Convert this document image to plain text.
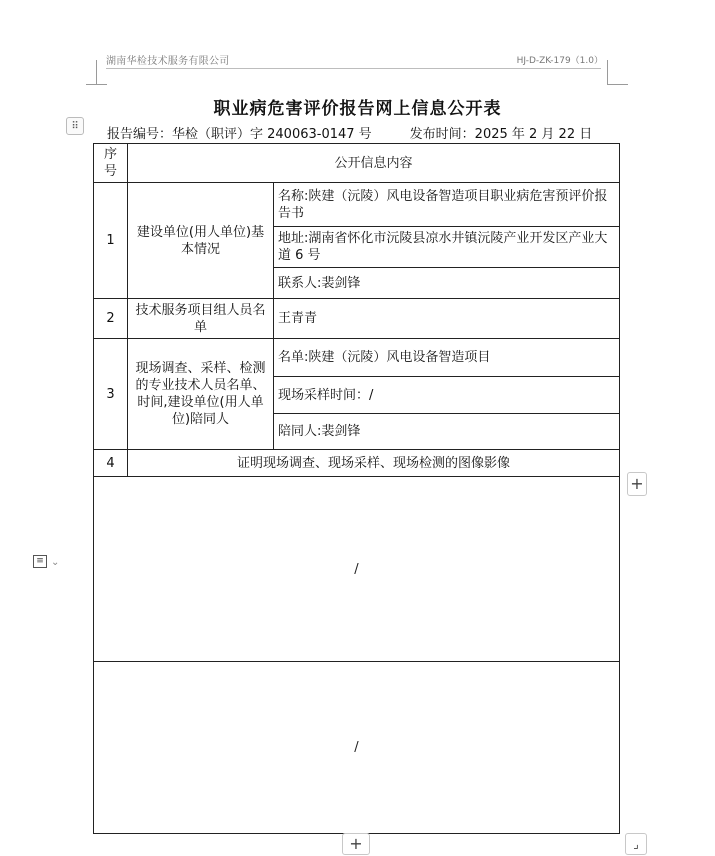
湖南华检技术服务有限公司	HJ-D-ZK-179（1.0）
职业病危害评价报告网上信息公开表
⠿
报告编号：华检（职评）字 240063-0147 号	发布时间：2025 年 2 月 22 日
序号	公开信息内容	
1	建设单位(用人单位)基本情况	名称:陕建（沅陵）风电设备智造项目职业病危害预评价报告书
		地址:湖南省怀化市沅陵县凉水井镇沅陵产业开发区产业大道 6 号
		联系人:裴剑锋
2	技术服务项目组人员名单	王青青
3	现场调查、采样、检测的专业技术人员名单、时间,建设单位(用人单位)陪同人	名单:陕建（沅陵）风电设备智造项目
		现场采样时间：/
		陪同人:裴剑锋
4	证明现场调查、现场采样、现场检测的图像影像	
/		
/		
+
+	⌟
≡ ⌄
